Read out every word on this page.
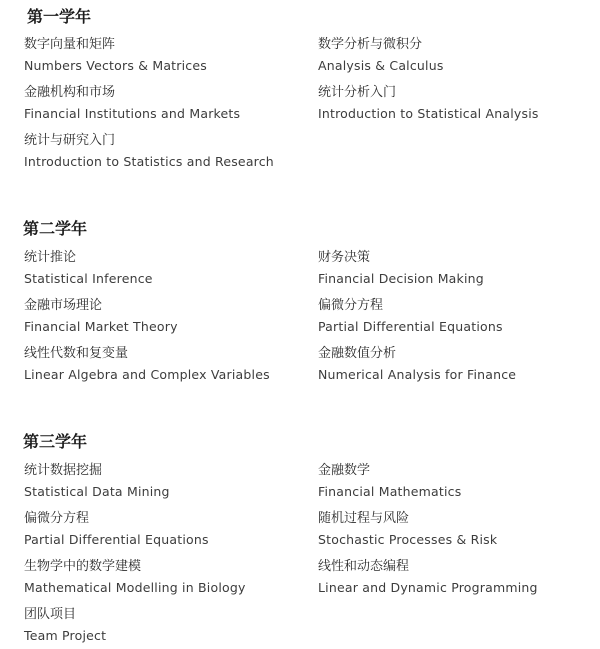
第一学年
数字向量和矩阵
Numbers Vectors & Matrices
数学分析与微积分
Analysis & Calculus
金融机构和市场
Financial Institutions and Markets
统计分析入门
Introduction to Statistical Analysis
统计与研究入门
Introduction to Statistics and Research
第二学年
统计推论
Statistical Inference
财务决策
Financial Decision Making
金融市场理论
Financial Market Theory
偏微分方程
Partial Differential Equations
线性代数和复变量
Linear Algebra and Complex Variables
金融数值分析
Numerical Analysis for Finance
第三学年
统计数据挖掘
Statistical Data Mining
金融数学
Financial Mathematics
偏微分方程
Partial Differential Equations
随机过程与风险
Stochastic Processes & Risk
生物学中的数学建模
Mathematical Modelling in Biology
线性和动态编程
Linear and Dynamic Programming
团队项目
Team Project
